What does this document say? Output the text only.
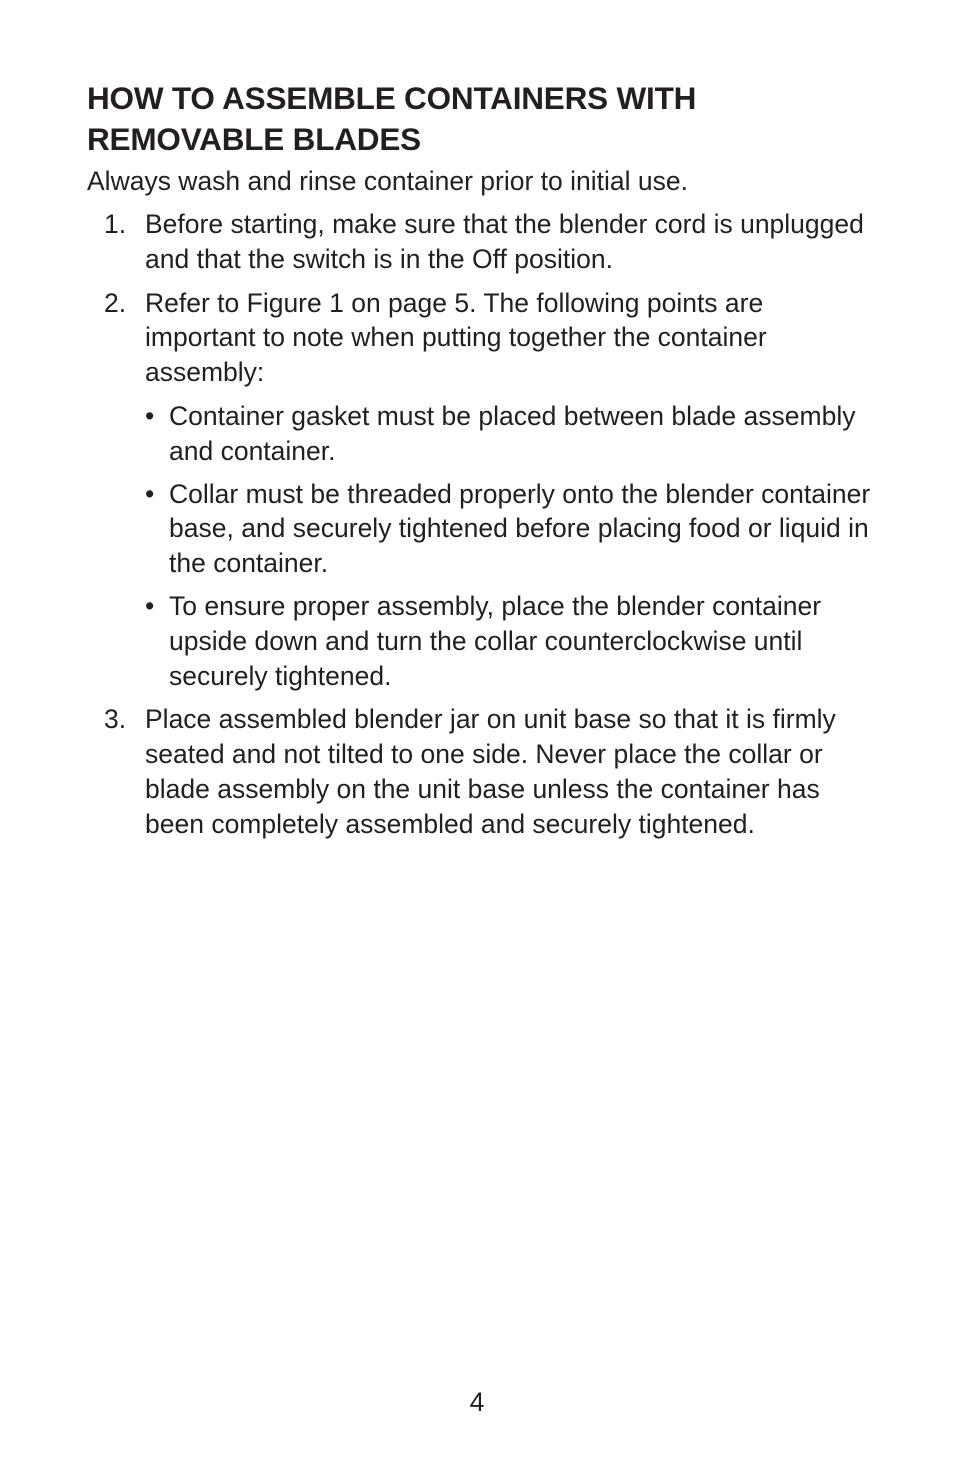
HOW TO ASSEMBLE CONTAINERS WITH REMOVABLE BLADES

Always wash and rinse container prior to initial use.

1. Before starting, make sure that the blender cord is unplugged and that the switch is in the Off position.
2. Refer to Figure 1 on page 5. The following points are important to note when putting together the container assembly:
• Container gasket must be placed between blade assembly and container.
• Collar must be threaded properly onto the blender container base, and securely tightened before placing food or liquid in the container.
• To ensure proper assembly, place the blender container upside down and turn the collar counterclockwise until securely tightened.
3. Place assembled blender jar on unit base so that it is firmly seated and not tilted to one side. Never place the collar or blade assembly on the unit base unless the container has been completely assembled and securely tightened.
4
